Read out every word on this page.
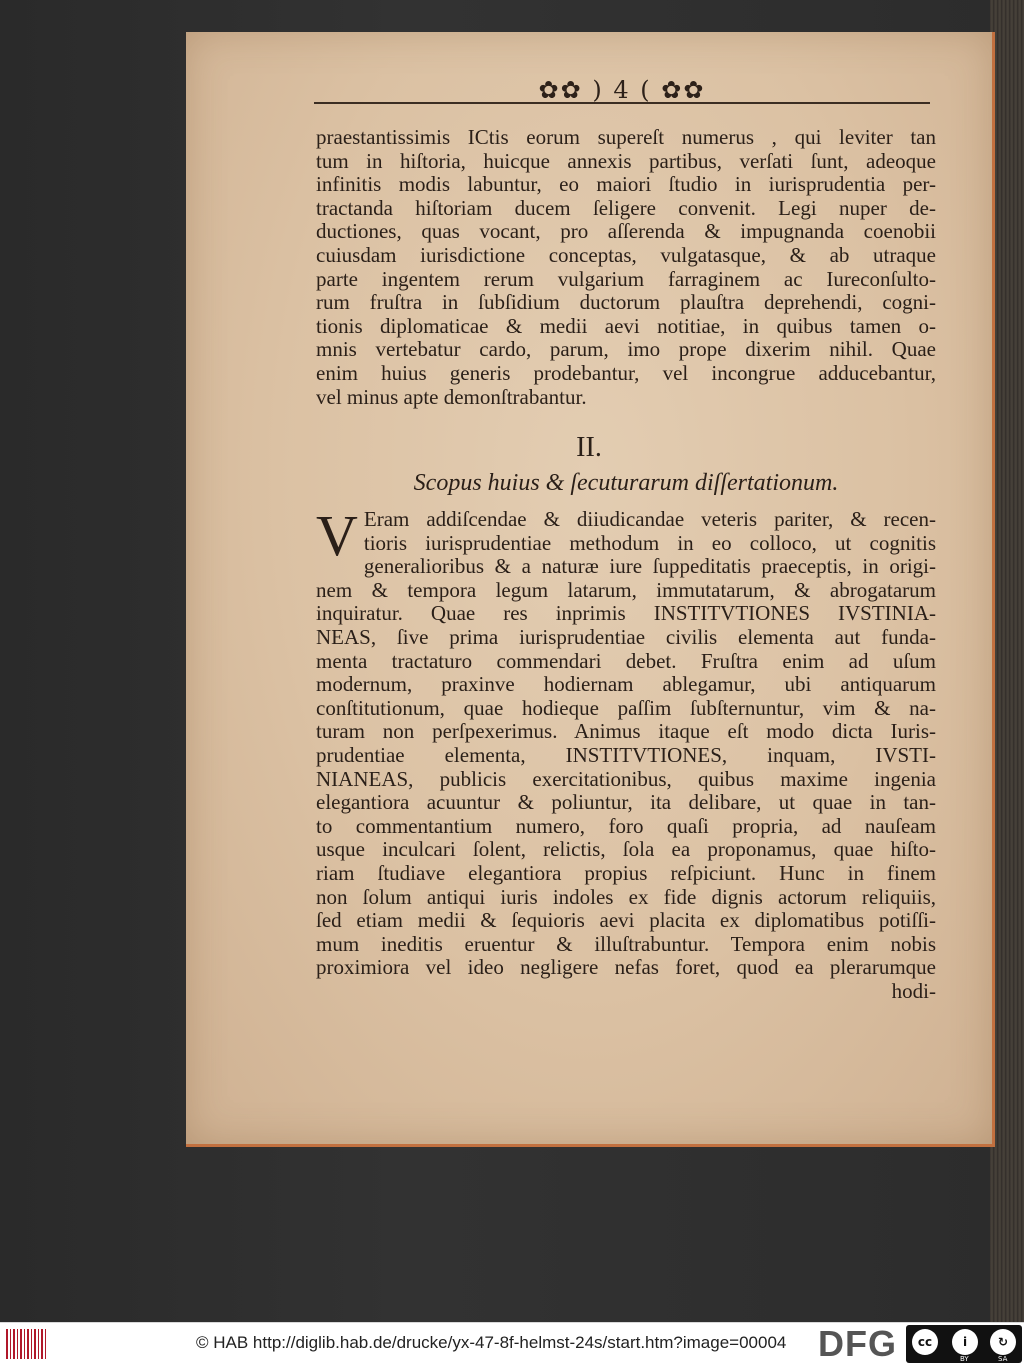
✿✿ ) 4 ( ✿✿
praestantissimis ICtis eorum supereſt numerus , qui leviter tan
tum in hiſtoria, huicque annexis partibus, verſati ſunt, adeoque
infinitis modis labuntur, eo maiori ſtudio in iurisprudentia per-
tractanda hiſtoriam ducem ſeligere convenit. Legi nuper de-
ductiones, quas vocant, pro aſſerenda & impugnanda coenobii
cuiusdam iurisdictione conceptas, vulgatasque, & ab utraque
parte ingentem rerum vulgarium farraginem ac Iureconſulto-
rum fruſtra in ſubſidium ductorum plauſtra deprehendi, cogni-
tionis diplomaticae & medii aevi notitiae, in quibus tamen o-
mnis vertebatur cardo, parum, imo prope dixerim nihil. Quae
enim huius generis prodebantur, vel incongrue adducebantur,
vel minus apte demonſtrabantur.
II.
Scopus huius & ſecuturarum diſſertationum.
V Eram addiſcendae & diiudicandae veteris pariter, & recen-
tioris iurisprudentiae methodum in eo colloco, ut cognitis
generalioribus & a naturæ iure ſuppeditatis praeceptis, in origi-
nem & tempora legum latarum, immutatarum, & abrogatarum
inquiratur. Quae res inprimis INSTITVTIONES IVSTINIA-
NEAS, ſive prima iurisprudentiae civilis elementa aut funda-
menta tractaturo commendari debet. Fruſtra enim ad uſum
modernum, praxinve hodiernam ablegamur, ubi antiquarum
conſtitutionum, quae hodieque paſſim ſubſternuntur, vim & na-
turam non perſpexerimus. Animus itaque eſt modo dicta Iuris-
prudentiae elementa, INSTITVTIONES, inquam, IVSTI-
NIANEAS, publicis exercitationibus, quibus maxime ingenia
elegantiora acuuntur & poliuntur, ita delibare, ut quae in tan-
to commentantium numero, foro quaſi propria, ad nauſeam
usque inculcari ſolent, relictis, ſola ea proponamus, quae hiſto-
riam ſtudiave elegantiora propius reſpiciunt. Hunc in finem
non ſolum antiqui iuris indoles ex fide dignis actorum reliquiis,
ſed etiam medii & ſequioris aevi placita ex diplomatibus potiſſi-
mum ineditis eruentur & illuſtrabuntur. Tempora enim nobis
proximiora vel ideo negligere nefas foret, quod ea plerarumque
hodi-
© HAB http://diglib.hab.de/drucke/yx-47-8f-helmst-24s/start.htm?image=00004 DFG	cc	i	↻
BY	SA
